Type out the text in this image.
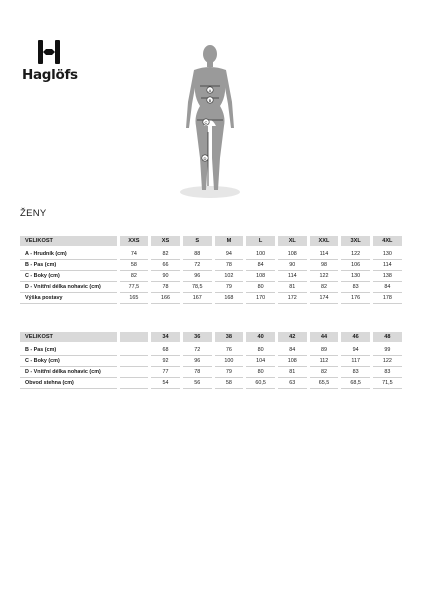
Haglöfs
A
B
C
D
ŽENY
VELIKOST	XXS	XS	S	M	L	XL	XXL	3XL	4XL
A - Hrudník (cm)	74	82	88	94	100	108	114	122	130
B - Pas (cm)	58	66	72	78	84	90	98	106	114
C - Boky (cm)	82	90	96	102	108	114	122	130	138
D - Vnitřní délka nohavic (cm)	77,5	78	78,5	79	80	81	82	83	84
Výška postavy	165	166	167	168	170	172	174	176	178
VELIKOST		34	36	38	40	42	44	46	48
B - Pas (cm)		68	72	76	80	84	89	94	99
C - Boky (cm)		92	96	100	104	108	112	117	122
D - Vnitřní délka nohavic (cm)		77	78	79	80	81	82	83	83
Obvod stehna (cm)		54	56	58	60,5	63	65,5	68,5	71,5
